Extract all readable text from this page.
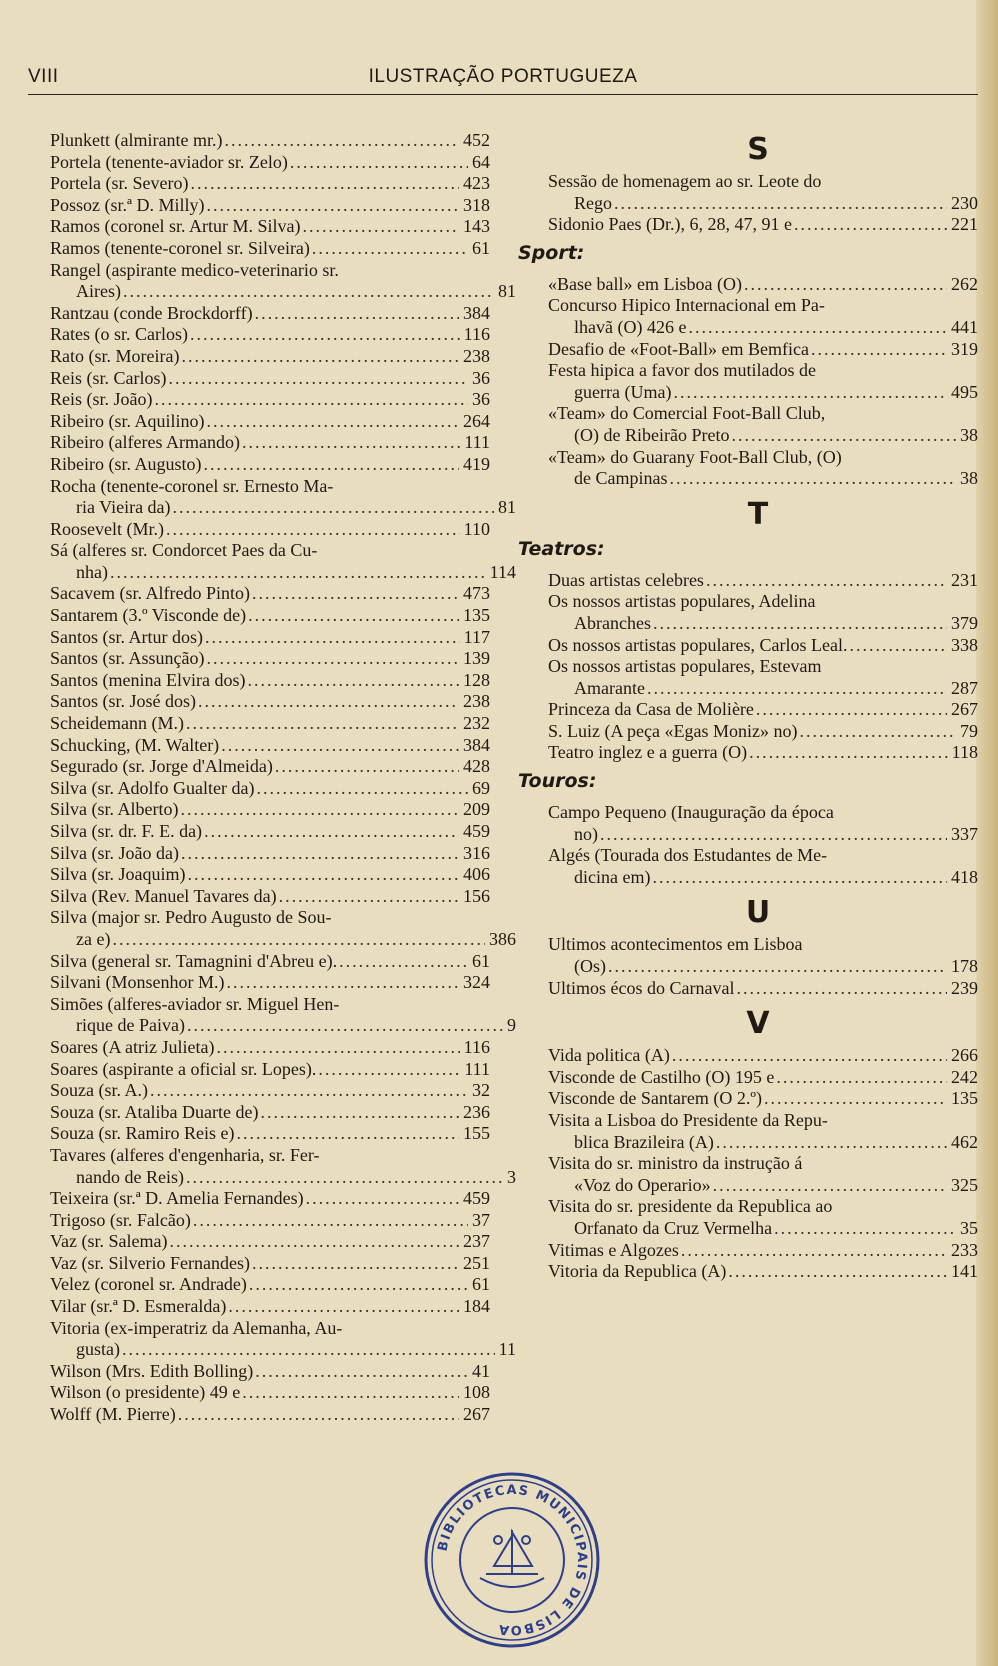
VIII	ILUSTRAÇÃO PORTUGUEZA
Plunkett (almirante mr.) .....	452
Portela (tenente-aviador sr. Zelo) .....	64
Portela (sr. Severo) .....	423
Possoz (sr.ª D. Milly) .....	318
Ramos (coronel sr. Artur M. Silva) .....	143
Ramos (tenente-coronel sr. Silveira) .....	61
Rangel (aspirante medico-veterinario sr.
Aires) .....	81
Rantzau (conde Brockdorff) .....	384
Rates (o sr. Carlos) .....	116
Rato (sr. Moreira) .....	238
Reis (sr. Carlos) .....	36
Reis (sr. João) .....	36
Ribeiro (sr. Aquilino) .....	264
Ribeiro (alferes Armando) .....	111
Ribeiro (sr. Augusto) .....	419
Rocha (tenente-coronel sr. Ernesto Ma-
ria Vieira da) .....	81
Roosevelt (Mr.) .....	110
Sá (alferes sr. Condorcet Paes da Cu-
nha) .....	114
Sacavem (sr. Alfredo Pinto) .....	473
Santarem (3.º Visconde de) .....	135
Santos (sr. Artur dos) .....	117
Santos (sr. Assunção) .....	139
Santos (menina Elvira dos) .....	128
Santos (sr. José dos) .....	238
Scheidemann (M.) .....	232
Schucking, (M. Walter) .....	384
Segurado (sr. Jorge d'Almeida) .....	428
Silva (sr. Adolfo Gualter da) .....	69
Silva (sr. Alberto) .....	209
Silva (sr. dr. F. E. da) .....	459
Silva (sr. João da) .....	316
Silva (sr. Joaquim) .....	406
Silva (Rev. Manuel Tavares da) .....	156
Silva (major sr. Pedro Augusto de Sou-
za e) .....	386
Silva (general sr. Tamagnini d'Abreu e). .....	61
Silvani (Monsenhor M.) .....	324
Simões (alferes-aviador sr. Miguel Hen-
rique de Paiva) .....	9
Soares (A atriz Julieta) .....	116
Soares (aspirante a oficial sr. Lopes). .....	111
Souza (sr. A.) .....	32
Souza (sr. Ataliba Duarte de) .....	236
Souza (sr. Ramiro Reis e) .....	155
Tavares (alferes d'engenharia, sr. Fer-
nando de Reis) .....	3
Teixeira (sr.ª D. Amelia Fernandes) .....	459
Trigoso (sr. Falcão) .....	37
Vaz (sr. Salema) .....	237
Vaz (sr. Silverio Fernandes) .....	251
Velez (coronel sr. Andrade) .....	61
Vilar (sr.ª D. Esmeralda) .....	184
Vitoria (ex-imperatriz da Alemanha, Au-
gusta) .....	11
Wilson (Mrs. Edith Bolling) .....	41
Wilson (o presidente) 49 e .....	108
Wolff (M. Pierre) .....	267
S
Sessão de homenagem ao sr. Leote do
Rego .....	230
Sidonio Paes (Dr.), 6, 28, 47, 91 e .....	221
Sport:
«Base ball» em Lisboa (O) .....	262
Concurso Hipico Internacional em Pa-
lhavã (O) 426 e .....	441
Desafio de «Foot-Ball» em Bemfica .....	319
Festa hipica a favor dos mutilados de
guerra (Uma) .....	495
«Team» do Comercial Foot-Ball Club,
(O) de Ribeirão Preto .....	38
«Team» do Guarany Foot-Ball Club, (O)
de Campinas .....	38
T
Teatros:
Duas artistas celebres .....	231
Os nossos artistas populares, Adelina
Abranches .....	379
Os nossos artistas populares, Carlos Leal. .....	338
Os nossos artistas populares, Estevam
Amarante .....	287
Princeza da Casa de Molière .....	267
S. Luiz (A peça «Egas Moniz» no) .....	79
Teatro inglez e a guerra (O) .....	118
Touros:
Campo Pequeno (Inauguração da época
no) .....	337
Algés (Tourada dos Estudantes de Me-
dicina em) .....	418
U
Ultimos acontecimentos em Lisboa
(Os) .....	178
Ultimos écos do Carnaval .....	239
V
Vida politica (A) .....	266
Visconde de Castilho (O) 195 e .....	242
Visconde de Santarem (O 2.º) .....	135
Visita a Lisboa do Presidente da Repu-
blica Brazileira (A) .....	462
Visita do sr. ministro da instrução á
«Voz do Operario» .....	325
Visita do sr. presidente da Republica ao
Orfanato da Cruz Vermelha .....	35
Vitimas e Algozes .....	233
Vitoria da Republica (A) .....	141
BIBLIOTECAS MUNICIPAIS DE LISBOA
